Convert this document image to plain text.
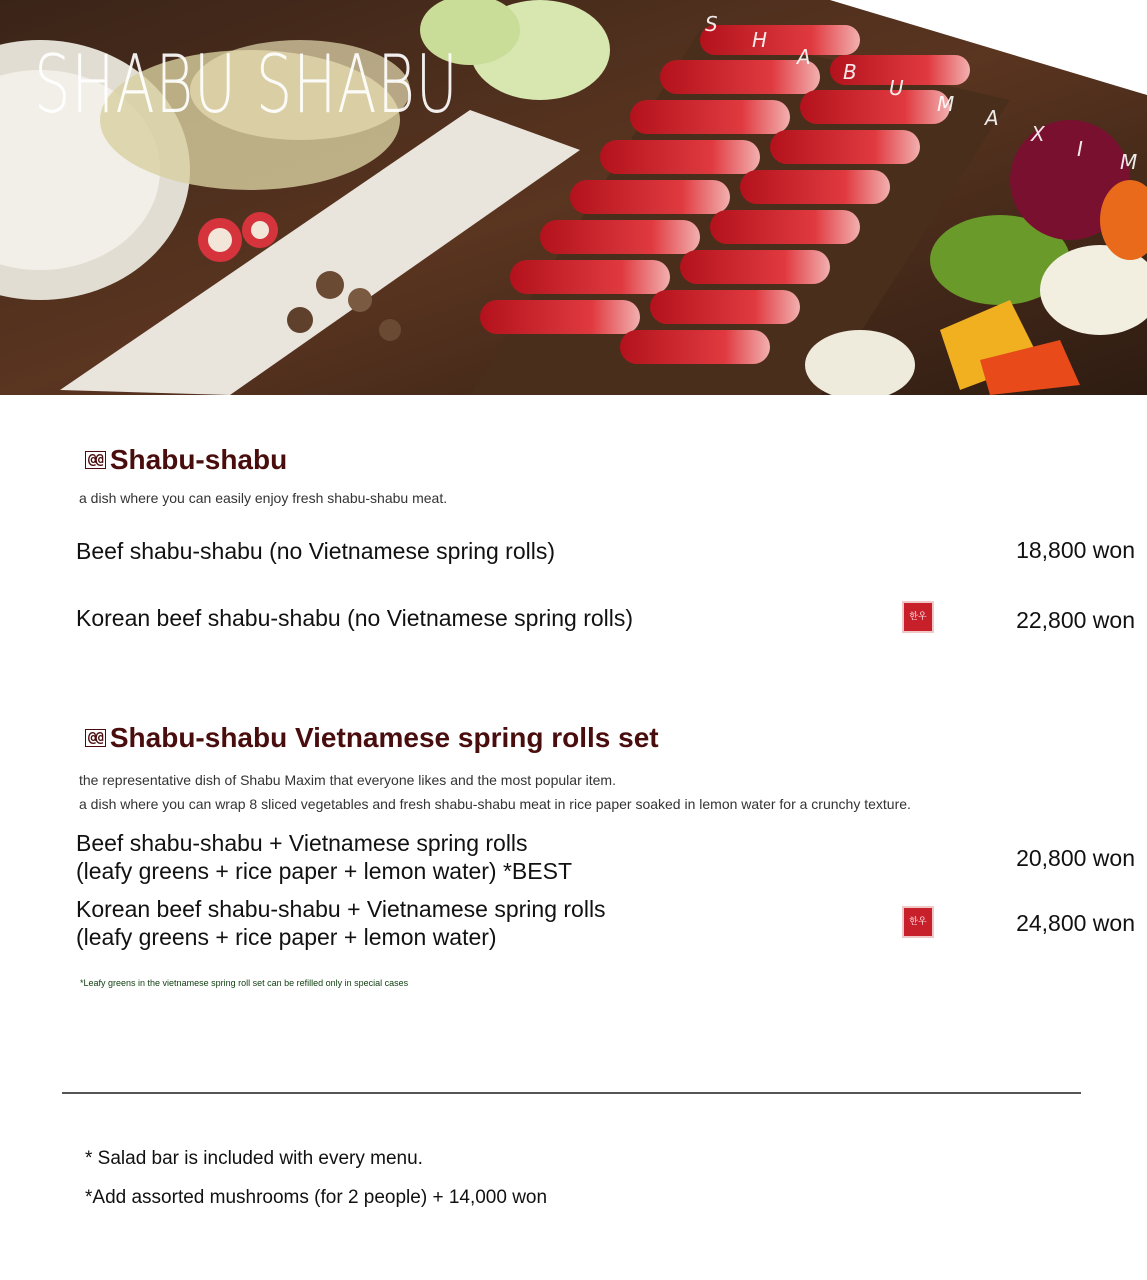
SHABU SHABU
S
H
A
B
U
M
A
X
I
M
@@ Shabu-shabu
a dish where you can easily enjoy fresh shabu-shabu meat.
Beef shabu-shabu (no Vietnamese spring rolls)	18,800 won
Korean beef shabu-shabu (no Vietnamese spring rolls)	한우	22,800 won
@@ Shabu-shabu Vietnamese spring rolls set
the representative dish of Shabu Maxim that everyone likes and the most popular item.
a dish where you can wrap 8 sliced vegetables and fresh shabu-shabu meat in rice paper soaked in lemon water for a crunchy texture.
Beef shabu-shabu + Vietnamese spring rolls
(leafy greens + rice paper + lemon water) *BEST	20,800 won
Korean beef shabu-shabu + Vietnamese spring rolls
(leafy greens + rice paper + lemon water)
한우	24,800 won
*Leafy greens in the vietnamese spring roll set can be refilled only in special cases
* Salad bar is included with every menu.
*Add assorted mushrooms (for 2 people) + 14,000 won
